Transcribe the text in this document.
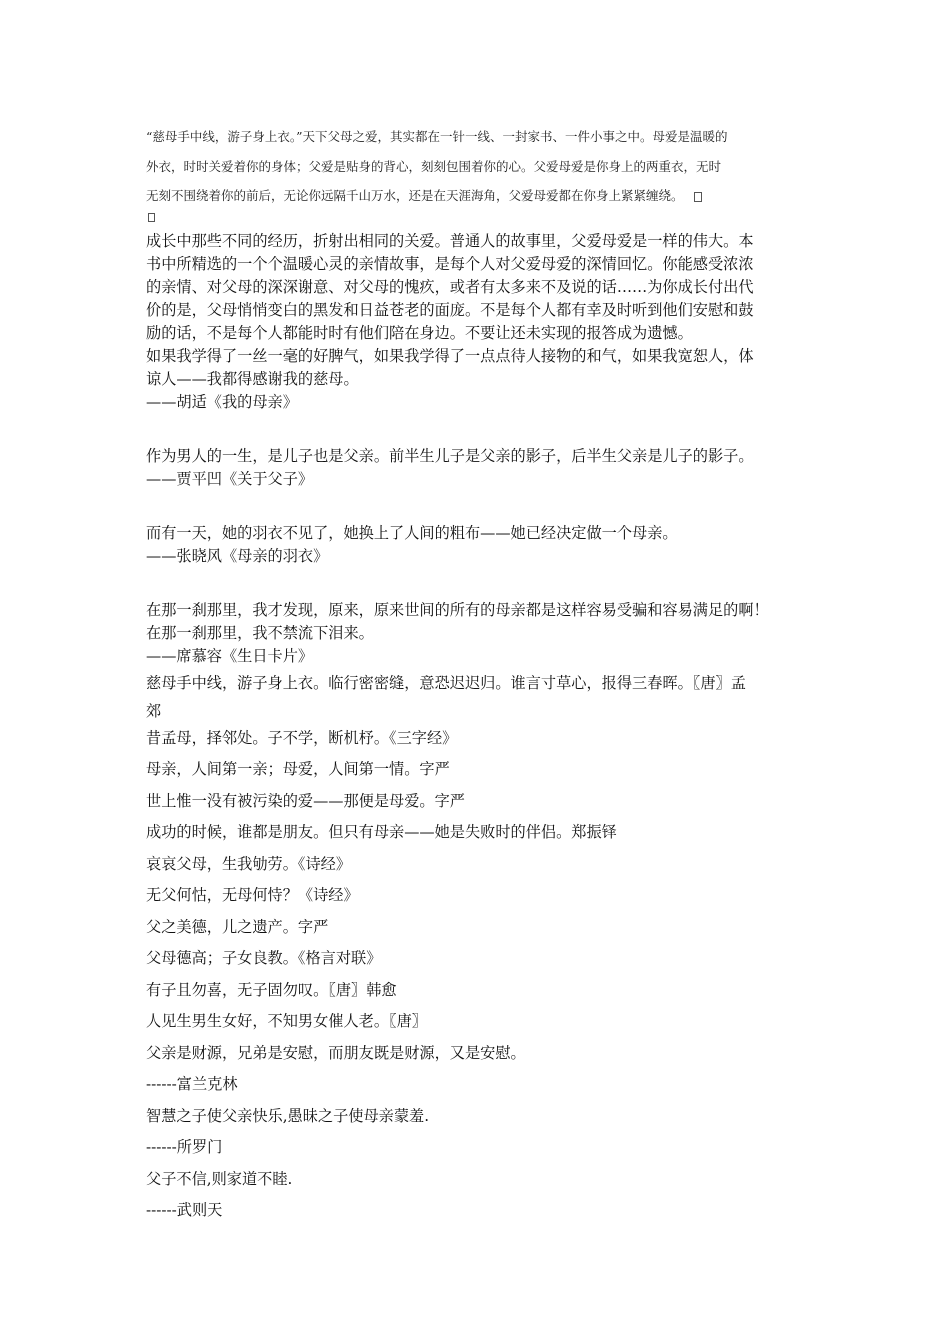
“慈母手中线，游子身上衣。”天下父母之爱，其实都在一针一线、一封家书、一件小事之中。母爱是温暖的
外衣，时时关爱着你的身体；父爱是贴身的背心，刻刻包围着你的心。父爱母爱是你身上的两重衣，无时
无刻不围绕着你的前后，无论你远隔千山万水，还是在天涯海角，父爱母爱都在你身上紧紧缠绕。
成长中那些不同的经历，折射出相同的关爱。普通人的故事里，父爱母爱是一样的伟大。本
书中所精选的一个个温暖心灵的亲情故事，是每个人对父爱母爱的深情回忆。你能感受浓浓
的亲情、对父母的深深谢意、对父母的愧疚，或者有太多来不及说的话……为你成长付出代
价的是，父母悄悄变白的黑发和日益苍老的面庞。不是每个人都有幸及时听到他们安慰和鼓
励的话，不是每个人都能时时有他们陪在身边。不要让还未实现的报答成为遗憾。
如果我学得了一丝一毫的好脾气，如果我学得了一点点待人接物的和气，如果我宽恕人，体
谅人——我都得感谢我的慈母。
——胡适《我的母亲》
作为男人的一生，是儿子也是父亲。前半生儿子是父亲的影子，后半生父亲是儿子的影子。
——贾平凹《关于父子》
而有一天，她的羽衣不见了，她换上了人间的粗布——她已经决定做一个母亲。
——张晓风《母亲的羽衣》
在那一刹那里，我才发现，原来，原来世间的所有的母亲都是这样容易受骗和容易满足的啊！
在那一刹那里，我不禁流下泪来。
——席慕容《生日卡片》
慈母手中线，游子身上衣。临行密密缝，意恐迟迟归。谁言寸草心，报得三春晖。〖唐〗孟
郊
昔孟母，择邻处。子不学，断机杼。《三字经》
母亲，人间第一亲；母爱，人间第一情。字严
世上惟一没有被污染的爱——那便是母爱。字严
成功的时候，谁都是朋友。但只有母亲——她是失败时的伴侣。郑振铎
哀哀父母，生我劬劳。《诗经》
无父何怙，无母何恃？《诗经》
父之美德，儿之遗产。字严
父母德高；子女良教。《格言对联》
有子且勿喜，无子固勿叹。〖唐〗韩愈
人见生男生女好，不知男女催人老。〖唐〗
父亲是财源，兄弟是安慰，而朋友既是财源，又是安慰。
------富兰克林
智慧之子使父亲快乐,愚昧之子使母亲蒙羞.
------所罗门
父子不信,则家道不睦.
------武则天
